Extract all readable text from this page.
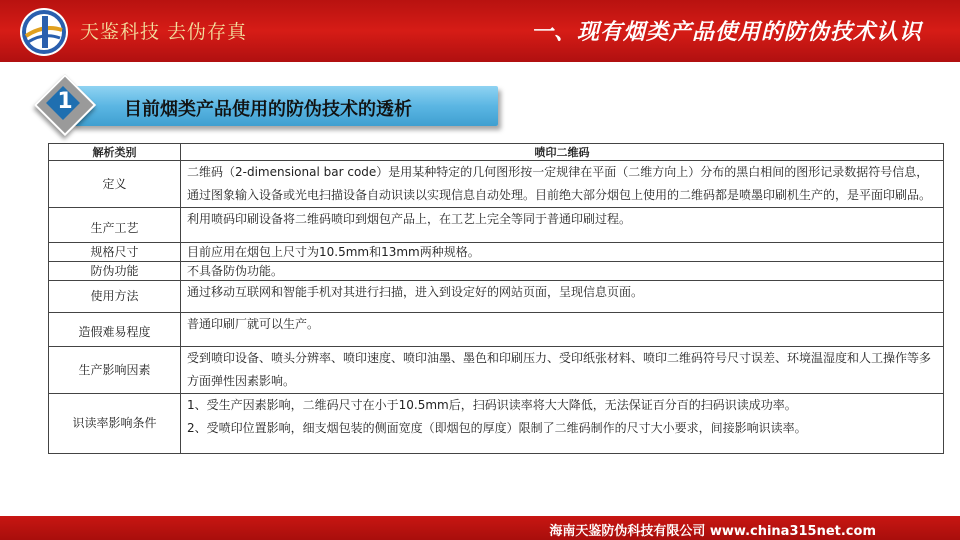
天鉴科技 去伪存真	一、现有烟类产品使用的防伪技术认识
目前烟类产品使用的防伪技术的透析
1
解析类别	喷印二维码
定义	二维码（2-dimensional bar code）是用某种特定的几何图形按一定规律在平面（二维方向上）分布的黑白相间的图形记录数据符号信息，通过图象输入设备或光电扫描设备自动识读以实现信息自动处理。目前绝大部分烟包上使用的二维码都是喷墨印刷机生产的，是平面印刷品。
生产工艺	利用喷码印刷设备将二维码喷印到烟包产品上，在工艺上完全等同于普通印刷过程。
规格尺寸	目前应用在烟包上尺寸为10.5mm和13mm两种规格。
防伪功能	不具备防伪功能。
使用方法	通过移动互联网和智能手机对其进行扫描，进入到设定好的网站页面，呈现信息页面。
造假难易程度	普通印刷厂就可以生产。
生产影响因素	受到喷印设备、喷头分辨率、喷印速度、喷印油墨、墨色和印刷压力、受印纸张材料、喷印二维码符号尺寸误差、环境温湿度和人工操作等多方面弹性因素影响。
识读率影响条件	1、受生产因素影响，二维码尺寸在小于10.5mm后，扫码识读率将大大降低，无法保证百分百的扫码识读成功率。
2、受喷印位置影响，细支烟包装的侧面宽度（即烟包的厚度）限制了二维码制作的尺寸大小要求，间接影响识读率。
海南天鉴防伪科技有限公司 www.china315net.com
